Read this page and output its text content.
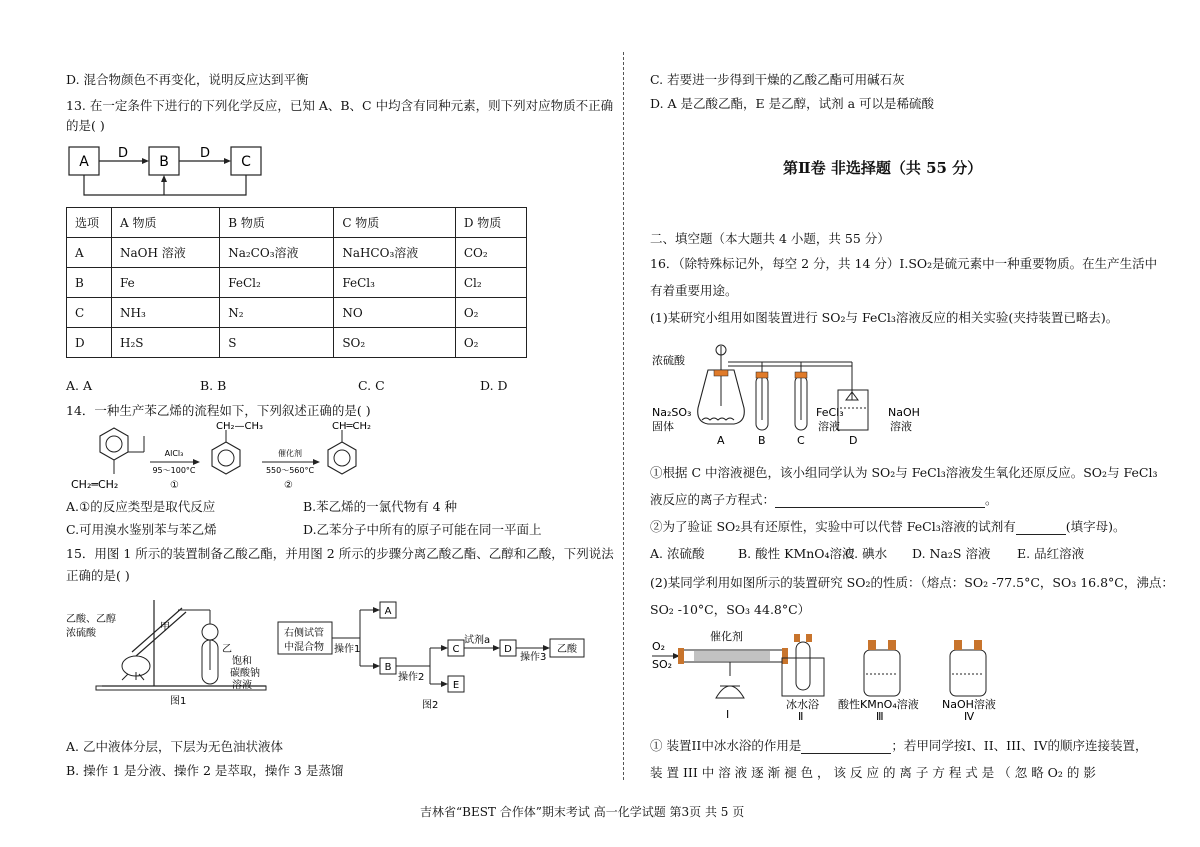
D. 混合物颜色不再变化，说明反应达到平衡
13. 在一定条件下进行的下列化学反应，已知 A、B、C 中均含有同种元素，则下列对应物质不正确
的是( )
A	B	C
D	D
选项	A 物质	B 物质	C 物质	D 物质
A	NaOH 溶液	Na₂CO₃溶液	NaHCO₃溶液	CO₂
B	Fe	FeCl₂	FeCl₃	Cl₂
C	NH₃	N₂	NO	O₂
D	H₂S	S	SO₂	O₂
A. A	B. B	C. C	D. D
14．一种生产苯乙烯的流程如下，下列叙述正确的是( )
CH₂═CH₂
AlCl₃
95～100°C
①
CH₂—CH₃
催化剂
550～560°C
②
CH═CH₂
A.①的反应类型是取代反应	B.苯乙烯的一氯代物有 4 种
C.可用溴水鉴别苯与苯乙烯	D.乙苯分子中所有的原子可能在同一平面上
15．用图 1 所示的装置制备乙酸乙酯，并用图 2 所示的步骤分离乙酸乙酯、乙醇和乙酸，下列说法
正确的是( )
乙酸、乙醇
浓硫酸
甲
乙
饱和
碳酸钠
溶液
图1
右侧试管
中混合物 操作1
A
B
操作2
C
E
试剂a
D
操作3
乙酸
图2
A. 乙中液体分层，下层为无色油状液体
B. 操作 1 是分液、操作 2 是萃取，操作 3 是蒸馏
C. 若要进一步得到干燥的乙酸乙酯可用碱石灰
D. A 是乙酸乙酯，E 是乙醇，试剂 a 可以是稀硫酸
第Ⅱ卷 非选择题（共 55 分）
二、填空题（本大题共 4 小题，共 55 分）
16．（除特殊标记外，每空 2 分，共 14 分）Ⅰ.SO₂是硫元素中一种重要物质。在生产生活中
有着重要用途。
(1)某研究小组用如图装置进行 SO₂与 FeCl₃溶液反应的相关实验(夹持装置已略去)。
浓硫酸
Na₂SO₃
固体
FeCl₃
溶液
NaOH
溶液
A	B	C	D
①根据 C 中溶液褪色，该小组同学认为 SO₂与 FeCl₃溶液发生氧化还原反应。SO₂与 FeCl₃
液反应的离子方程式：	。
②为了验证 SO₂具有还原性，实验中可以代替 FeCl₃溶液的试剂有	(填字母)。
A. 浓硫酸	B. 酸性 KMnO₄溶液
C. 碘水 D. Na₂S 溶液 E. 品红溶液
(2)某同学利用如图所示的装置研究 SO₂的性质：（熔点：SO₂ -77.5°C，SO₃ 16.8°C，沸点：
SO₂ -10°C，SO₃ 44.8°C）
O₂
SO₂
催化剂
Ⅰ
冰水浴
Ⅱ
酸性KMnO₄溶液
Ⅲ
NaOH溶液
Ⅳ
① 装置II中冰水浴的作用是	；若甲同学按I、II、III、IV的顺序连接装置，
装 置 III 中 溶 液 逐 渐 褪 色 ， 该 反 应 的 离 子 方 程 式 是 （ 忽 略 O₂ 的 影
吉林省“BEST 合作体”期末考试 高一化学试题 第3页 共 5 页
